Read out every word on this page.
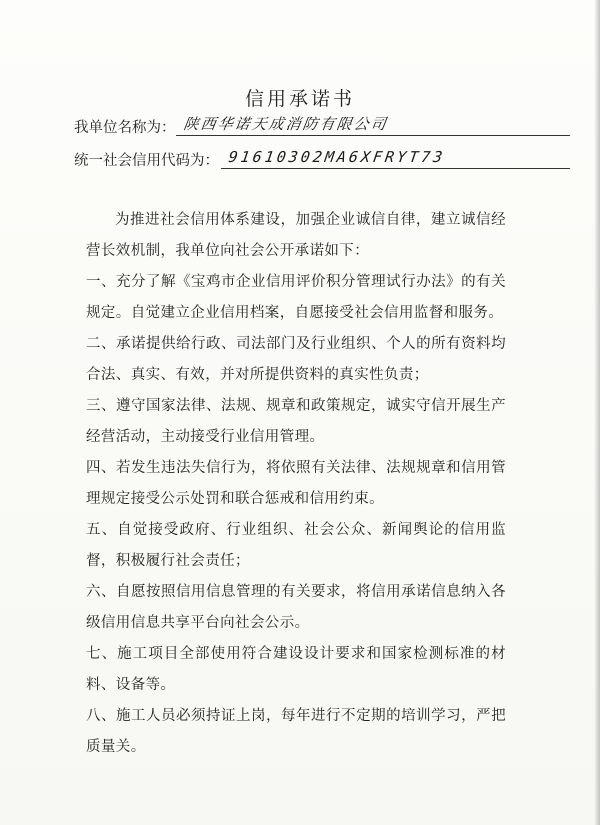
信用承诺书
我单位名称为： 陕西华诺天成消防有限公司
统一社会信用代码为： 91610302MA6XFRYT73
为推进社会信用体系建设，加强企业诚信自律，建立诚信经营长效机制，我单位向社会公开承诺如下：
一、充分了解《宝鸡市企业信用评价积分管理试行办法》的有关规定。自觉建立企业信用档案，自愿接受社会信用监督和服务。
二、承诺提供给行政、司法部门及行业组织、个人的所有资料均合法、真实、有效，并对所提供资料的真实性负责；
三、遵守国家法律、法规、规章和政策规定，诚实守信开展生产经营活动，主动接受行业信用管理。
四、若发生违法失信行为，将依照有关法律、法规规章和信用管理规定接受公示处罚和联合惩戒和信用约束。
五、自觉接受政府、行业组织、社会公众、新闻舆论的信用监督，积极履行社会责任；
六、自愿按照信用信息管理的有关要求，将信用承诺信息纳入各级信用信息共享平台向社会公示。
七、施工项目全部使用符合建设设计要求和国家检测标准的材料、设备等。
八、施工人员必须持证上岗，每年进行不定期的培训学习，严把质量关。
